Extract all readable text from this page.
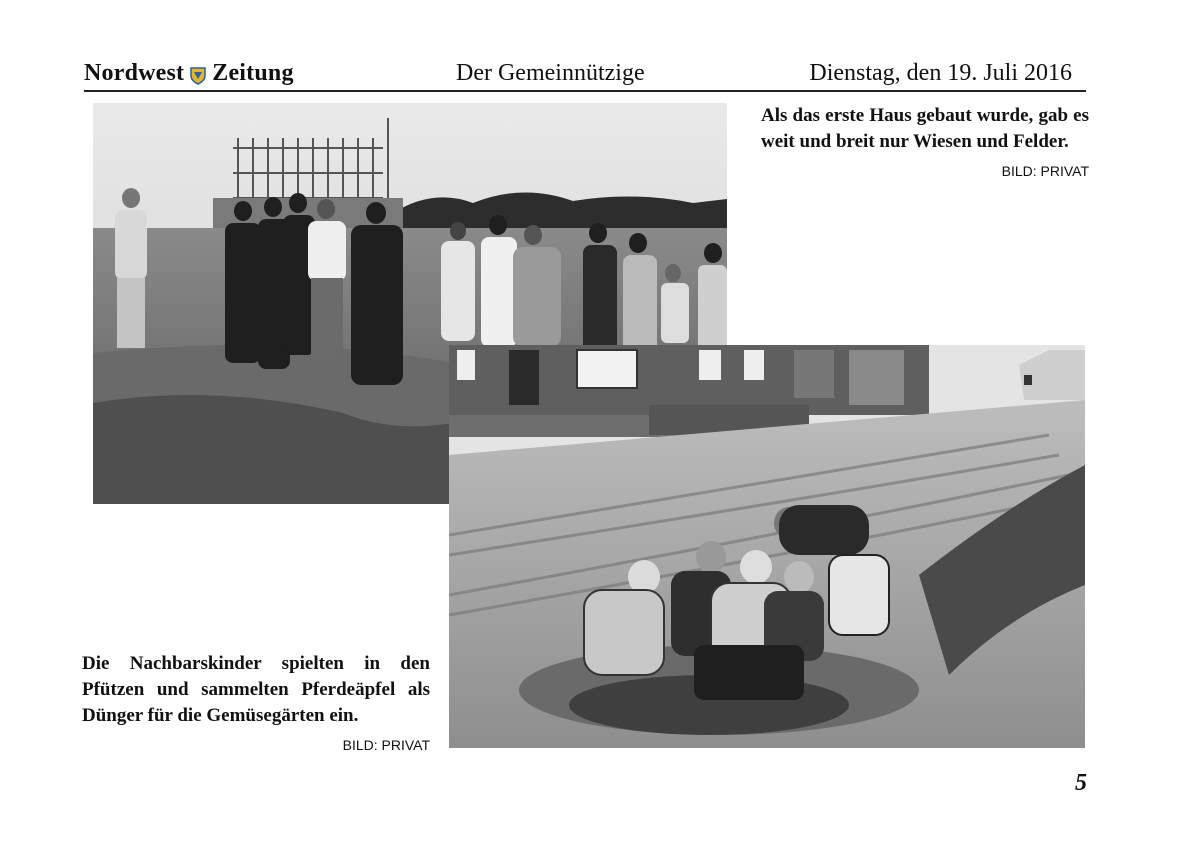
Nordwest Zeitung	Der Gemeinnützige	Dienstag, den 19. Juli 2016
Als das erste Haus gebaut wurde, gab es weit und breit nur Wiesen und Felder.
BILD: PRIVAT
Die Nachbarskinder spielten in den Pfützen und sammelten Pferdeäpfel als Dünger für die Gemüsegärten ein.
BILD: PRIVAT
5
